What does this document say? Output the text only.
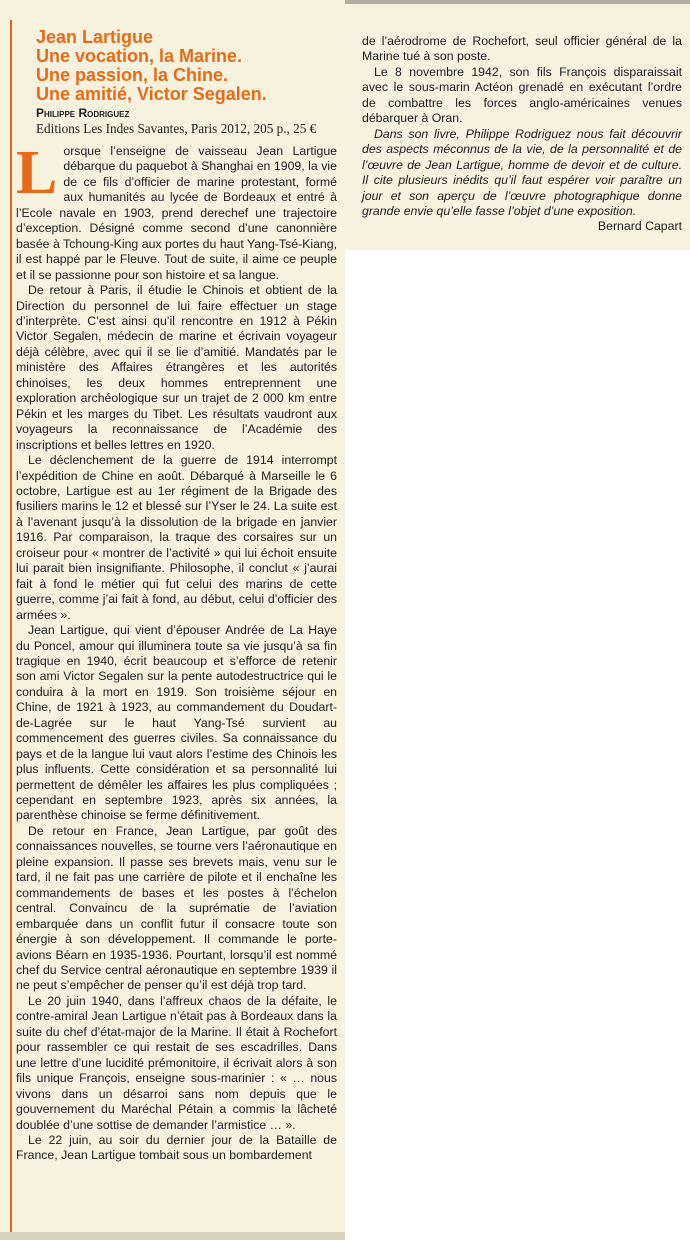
Jean Lartigue
Une vocation, la Marine.
Une passion, la Chine.
Une amitié, Victor Segalen.
Philippe Rodriguez
Editions Les Indes Savantes, Paris 2012, 205 p., 25 €

Lorsque l’enseigne de vaisseau Jean Lartigue débarque du paquebot à Shanghai en 1909, la vie de ce fils d’officier de marine protestant, formé aux humanités au lycée de Bordeaux et entré à l’Ecole navale en 1903, prend derechef une trajectoire d’exception. Désigné comme second d’une canonnière basée à Tchoung-King aux portes du haut Yang-Tsé-Kiang, il est happé par le Fleuve. Tout de suite, il aime ce peuple et il se passionne pour son histoire et sa langue.

De retour à Paris, il étudie le Chinois et obtient de la Direction du personnel de lui faire effectuer un stage d’interprète. C’est ainsi qu’il rencontre en 1912 à Pékin Victor Segalen, médecin de marine et écrivain voyageur déjà célèbre, avec qui il se lie d’amitié. Mandatés par le ministère des Affaires étrangères et les autorités chinoises, les deux hommes entreprennent une exploration archéologique sur un trajet de 2 000 km entre Pékin et les marges du Tibet. Les résultats vaudront aux voyageurs la reconnaissance de l’Académie des inscriptions et belles lettres en 1920.

Le déclenchement de la guerre de 1914 interrompt l’expédition de Chine en août. Débarqué à Marseille le 6 octobre, Lartigue est au 1er régiment de la Brigade des fusiliers marins le 12 et blessé sur l’Yser le 24. La suite est à l’avenant jusqu’à la dissolution de la brigade en janvier 1916. Par comparaison, la traque des corsaires sur un croiseur pour « montrer de l’activité » qui lui échoit ensuite lui parait bien insignifiante. Philosophe, il conclut « j’aurai fait à fond le métier qui fut celui des marins de cette guerre, comme j’ai fait à fond, au début, celui d’officier des armées ».

Jean Lartigue, qui vient d’épouser Andrée de La Haye du Poncel, amour qui illuminera toute sa vie jusqu’à sa fin tragique en 1940, écrit beaucoup et s’efforce de retenir son ami Victor Segalen sur la pente autodestructrice qui le conduira à la mort en 1919. Son troisième séjour en Chine, de 1921 à 1923, au commandement du Doudart-de-Lagrée sur le haut Yang-Tsé survient au commencement des guerres civiles. Sa connaissance du pays et de la langue lui vaut alors l’estime des Chinois les plus influents. Cette considération et sa personnalité lui permettent de démêler les affaires les plus compliquées ; cependant en septembre 1923, après six années, la parenthèse chinoise se ferme définitivement.

De retour en France, Jean Lartigue, par goût des connaissances nouvelles, se tourne vers l’aéronautique en pleine expansion. Il passe ses brevets mais, venu sur le tard, il ne fait pas une carrière de pilote et il enchaîne les commandements de bases et les postes à l’échelon central. Convaincu de la suprématie de l’aviation embarquée dans un conflit futur il consacre toute son énergie à son développement. Il commande le porte-avions Béarn en 1935-1936. Pourtant, lorsqu’il est nommé chef du Service central aéronautique en septembre 1939 il ne peut s’empêcher de penser qu’il est déjà trop tard.

Le 20 juin 1940, dans l’affreux chaos de la défaite, le contre-amiral Jean Lartigue n’était pas à Bordeaux dans la suite du chef d’état-major de la Marine. Il était à Rochefort pour rassembler ce qui restait de ses escadrilles. Dans une lettre d’une lucidité prémonitoire, il écrivait alors à son fils unique François, enseigne sous-marinier : « … nous vivons dans un désarroi sans nom depuis que le gouvernement du Maréchal Pétain a commis la lâcheté doublée d’une sottise de demander l’armistice … ».

Le 22 juin, au soir du dernier jour de la Bataille de France, Jean Lartigue tombait sous un bombardement

de l’aérodrome de Rochefort, seul officier général de la Marine tué à son poste.

Le 8 novembre 1942, son fils François disparaissait avec le sous-marin Actéon grenadé en exécutant l’ordre de combattre les forces anglo-américaines venues débarquer à Oran.

Dans son livre, Philippe Rodriguez nous fait découvrir des aspects méconnus de la vie, de la personnalité et de l’œuvre de Jean Lartigue, homme de devoir et de culture. Il cite plusieurs inédits qu’il faut espérer voir paraître un jour et son aperçu de l’œuvre photographique donne grande envie qu’elle fasse l’objet d’une exposition.

Bernard Capart
